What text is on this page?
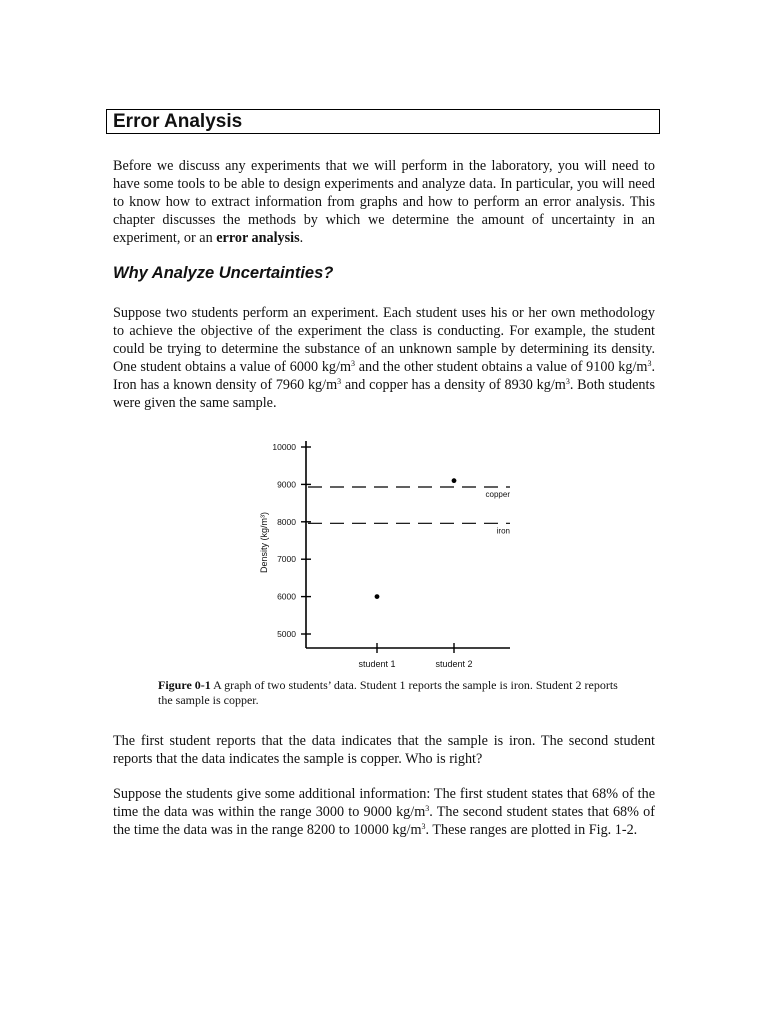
Error Analysis

Before we discuss any experiments that we will perform in the laboratory, you will need to have some tools to be able to design experiments and analyze data. In particular, you will need to know how to extract information from graphs and how to perform an error analysis. This chapter discusses the methods by which we determine the amount of uncertainty in an experiment, or an error analysis.

Why Analyze Uncertainties?

Suppose two students perform an experiment. Each student uses his or her own methodology to achieve the objective of the experiment the class is conducting. For example, the student could be trying to determine the substance of an unknown sample by determining its density. One student obtains a value of 6000 $kg/m^3$ and the other student obtains a value of 9100 $kg/m^3$. Iron has a known density of 7960 $kg/m^3$ and copper has a density of 8930 $kg/m^3$. Both students were given the same sample.

5000
6000
7000
8000
9000
10000
Density (kg/m³)
student 1	student 2
copper
iron

Figure 0-1 A graph of two students’ data. Student 1 reports the sample is iron. Student 2 reports the sample is copper.

The first student reports that the data indicates that the sample is iron. The second student reports that the data indicates the sample is copper. Who is right?

Suppose the students give some additional information: The first student states that 68% of the time the data was within the range 3000 to 9000 $kg/m^3$. The second student states that 68% of the time the data was in the range 8200 to 10000 $kg/m^3$. These ranges are plotted in Fig. 1-2.
